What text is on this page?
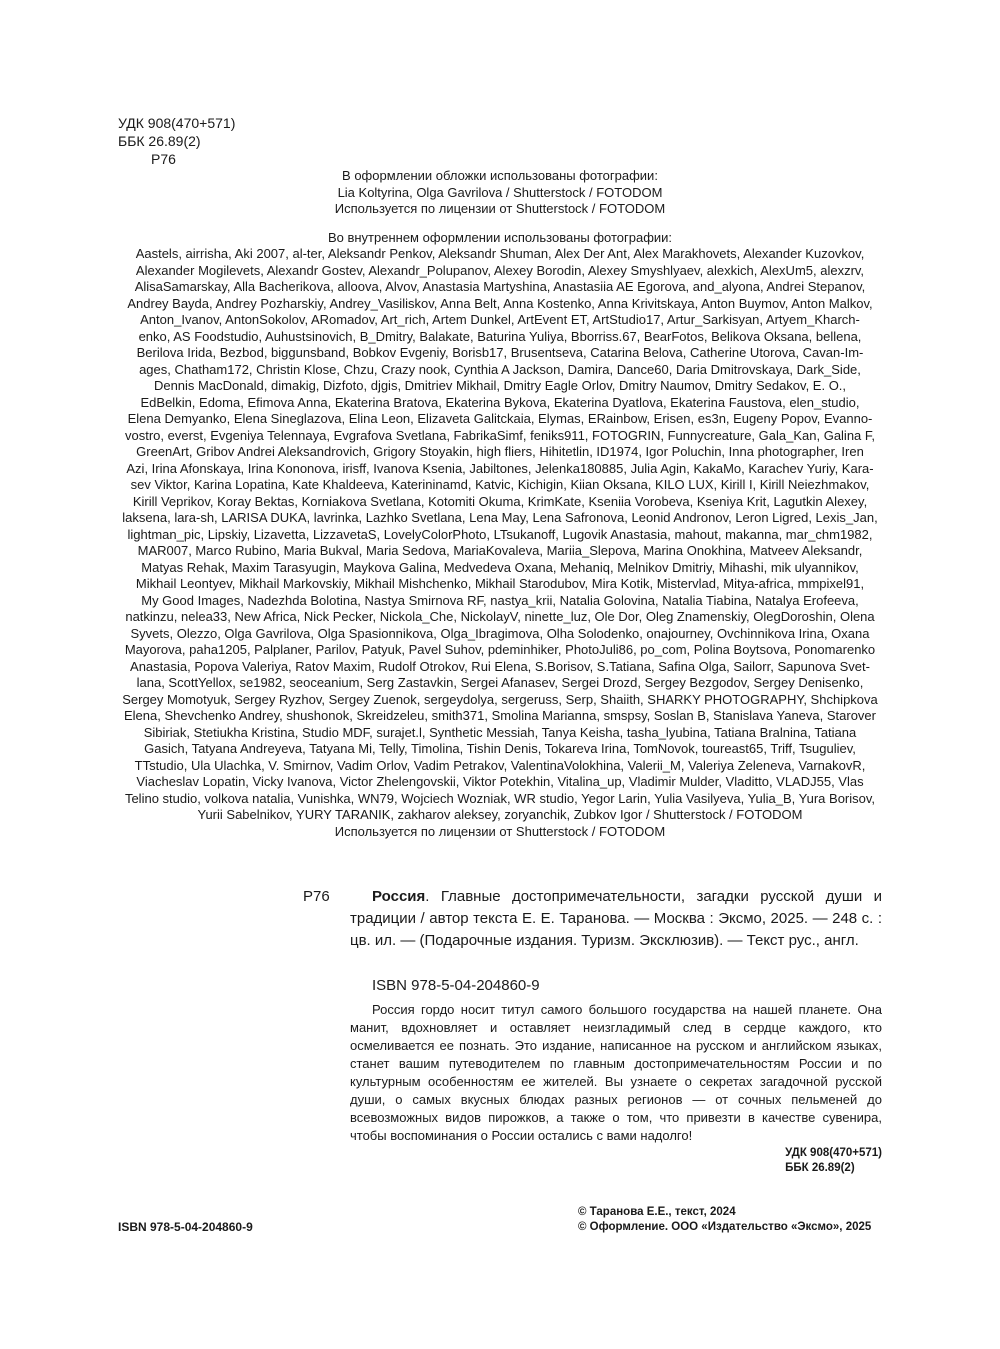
УДК 908(470+571)
ББК 26.89(2)
Р76

В оформлении обложки использованы фотографии:

Lia Koltyrina, Olga Gavrilova / Shutterstock / FOTODOM

Используется по лицензии от Shutterstock / FOTODOM

Во внутреннем оформлении использованы фотографии:

Aastels, airrisha, Aki 2007, al-ter, Aleksandr Penkov, Aleksandr Shuman, Alex Der Ant, Alex Marakhovets, Alexander Kuzovkov,

Alexander Mogilevets, Alexandr Gostev, Alexandr_Polupanov, Alexey Borodin, Alexey Smyshlyaev, alexkich, AlexUm5, alexzrv,

AlisaSamarskay, Alla Bacherikova, alloova, Alvov, Anastasia Martyshina, Anastasiia AE Egorova, and_alyona, Andrei Stepanov,

Andrey Bayda, Andrey Pozharskiy, Andrey_Vasiliskov, Anna Belt, Anna Kostenko, Anna Krivitskaya, Anton Buymov, Anton Malkov,

Anton_Ivanov, AntonSokolov, ARomadov, Art_rich, Artem Dunkel, ArtEvent ET, ArtStudio17, Artur_Sarkisyan, Artyem_Kharch-

enko, AS Foodstudio, Auhustsinovich, B_Dmitry, Balakate, Baturina Yuliya, Bborriss.67, BearFotos, Belikova Oksana, bellena,

Berilova Irida, Bezbod, biggunsband, Bobkov Evgeniy, Borisb17, Brusentseva, Catarina Belova, Catherine Utorova, Cavan-Im-

ages, Chatham172, Christin Klose, Chzu, Crazy nook, Cynthia A Jackson, Damira, Dance60, Daria Dmitrovskaya, Dark_Side,

Dennis MacDonald, dimakig, Dizfoto, djgis, Dmitriev Mikhail, Dmitry Eagle Orlov, Dmitry Naumov, Dmitry Sedakov, E. O.,

EdBelkin, Edoma, Efimova Anna, Ekaterina Bratova, Ekaterina Bykova, Ekaterina Dyatlova, Ekaterina Faustova, elen_studio,

Elena Demyanko, Elena Sineglazova, Elina Leon, Elizaveta Galitckaia, Elymas, ERainbow, Erisen, es3n, Eugeny Popov, Evanno-

vostro, everst, Evgeniya Telennaya, Evgrafova Svetlana, FabrikaSimf, feniks911, FOTOGRIN, Funnycreature, Gala_Kan, Galina F,

GreenArt, Gribov Andrei Aleksandrovich, Grigory Stoyakin, high fliers, Hihitetlin, ID1974, Igor Poluchin, Inna photographer, Iren

Azi, Irina Afonskaya, Irina Kononova, irisff, Ivanova Ksenia, Jabiltones, Jelenka180885, Julia Agin, KakaMo, Karachev Yuriy, Kara-

sev Viktor, Karina Lopatina, Kate Khaldeeva, Katerininamd, Katvic, Kichigin, Kiian Oksana, KILO LUX, Kirill I, Kirill Neiezhmakov,

Kirill Veprikov, Koray Bektas, Korniakova Svetlana, Kotomiti Okuma, KrimKate, Kseniia Vorobeva, Kseniya Krit, Lagutkin Alexey,

laksena, lara-sh, LARISA DUKA, lavrinka, Lazhko Svetlana, Lena May, Lena Safronova, Leonid Andronov, Leron Ligred, Lexis_Jan,

lightman_pic, Lipskiy, Lizavetta, LizzavetaS, LovelyColorPhoto, LTsukanoff, Lugovik Anastasia, mahout, makanna, mar_chm1982,

MAR007, Marco Rubino, Maria Bukval, Maria Sedova, MariaKovaleva, Mariia_Slepova, Marina Onokhina, Matveev Aleksandr,

Matyas Rehak, Maxim Tarasyugin, Maykova Galina, Medvedeva Oxana, Mehaniq, Melnikov Dmitriy, Mihashi, mik ulyannikov,

Mikhail Leontyev, Mikhail Markovskiy, Mikhail Mishchenko, Mikhail Starodubov, Mira Kotik, Mistervlad, Mitya-africa, mmpixel91,

My Good Images, Nadezhda Bolotina, Nastya Smirnova RF, nastya_krii, Natalia Golovina, Natalia Tiabina, Natalya Erofeeva,

natkinzu, nelea33, New Africa, Nick Pecker, Nickola_Che, NickolayV, ninette_luz, Ole Dor, Oleg Znamenskiy, OlegDoroshin, Olena

Syvets, Olezzo, Olga Gavrilova, Olga Spasionnikova, Olga_Ibragimova, Olha Solodenko, onajourney, Ovchinnikova Irina, Oxana

Mayorova, paha1205, Palplaner, Parilov, Patyuk, Pavel Suhov, pdeminhiker, PhotoJuli86, po_com, Polina Boytsova, Ponomarenko

Anastasia, Popova Valeriya, Ratov Maxim, Rudolf Otrokov, Rui Elena, S.Borisov, S.Tatiana, Safina Olga, Sailorr, Sapunova Svet-

lana, ScottYellox, se1982, seoceanium, Serg Zastavkin, Sergei Afanasev, Sergei Drozd, Sergey Bezgodov, Sergey Denisenko,

Sergey Momotyuk, Sergey Ryzhov, Sergey Zuenok, sergeydolya, sergeruss, Serp, Shaiith, SHARKY PHOTOGRAPHY, Shchipkova

Elena, Shevchenko Andrey, shushonok, Skreidzeleu, smith371, Smolina Marianna, smspsy, Soslan B, Stanislava Yaneva, Starover

Sibiriak, Stetiukha Kristina, Studio MDF, surajet.l, Synthetic Messiah, Tanya Keisha, tasha_lyubina, Tatiana Bralnina, Tatiana

Gasich, Tatyana Andreyeva, Tatyana Mi, Telly, Timolina, Tishin Denis, Tokareva Irina, TomNovok, toureast65, Triff, Tsuguliev,

TTstudio, Ula Ulachka, V. Smirnov, Vadim Orlov, Vadim Petrakov, ValentinaVolokhina, Valerii_M, Valeriya Zeleneva, VarnakovR,

Viacheslav Lopatin, Vicky Ivanova, Victor Zhelengovskii, Viktor Potekhin, Vitalina_up, Vladimir Mulder, Vladitto, VLADJ55, Vlas

Telino studio, volkova natalia, Vunishka, WN79, Wojciech Wozniak, WR studio, Yegor Larin, Yulia Vasilyeva, Yulia_B, Yura Borisov,

Yurii Sabelnikov, YURY TARANIK, zakharov aleksey, zoryanchik, Zubkov Igor / Shutterstock / FOTODOM

Используется по лицензии от Shutterstock / FOTODOM

Р76	Россия. Главные достопримечательности, загадки русской души и традиции / автор текста Е. Е. Таранова. — Москва : Эксмо, 2025. — 248 с. : цв. ил. — (Подарочные издания. Туризм. Эксклюзив). — Текст рус., англ.

ISBN 978-5-04-204860-9

Россия гордо носит титул самого большого государства на нашей планете. Она манит, вдохновляет и оставляет неизгладимый след в сердце каждого, кто осмеливается ее познать. Это издание, написанное на русском и английском языках, станет вашим путеводителем по главным достопримечательностям России и по культурным особенностям ее жителей. Вы узнаете о секретах загадочной русской души, о самых вкусных блюдах разных регионов — от сочных пельменей до всевозможных видов пирожков, а также о том, что привезти в качестве сувенира, чтобы воспоминания о России остались с вами надолго!

УДК 908(470+571)
ББК 26.89(2)
ISBN 978-5-04-204860-9
© Таранова Е.Е., текст, 2024
© Оформление. ООО «Издательство «Эксмо», 2025
